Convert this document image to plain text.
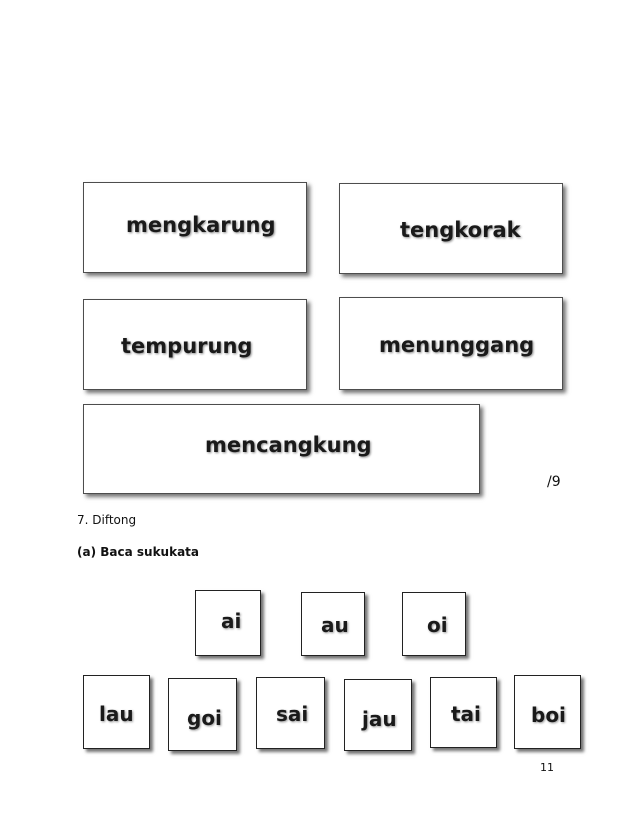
mengkarung	tengkorak
tempurung	menunggang
mencangkung
/9
7. Diftong
(a) Baca sukukata
ai	au	oi
lau	goi	sai	jau	tai	boi
11
